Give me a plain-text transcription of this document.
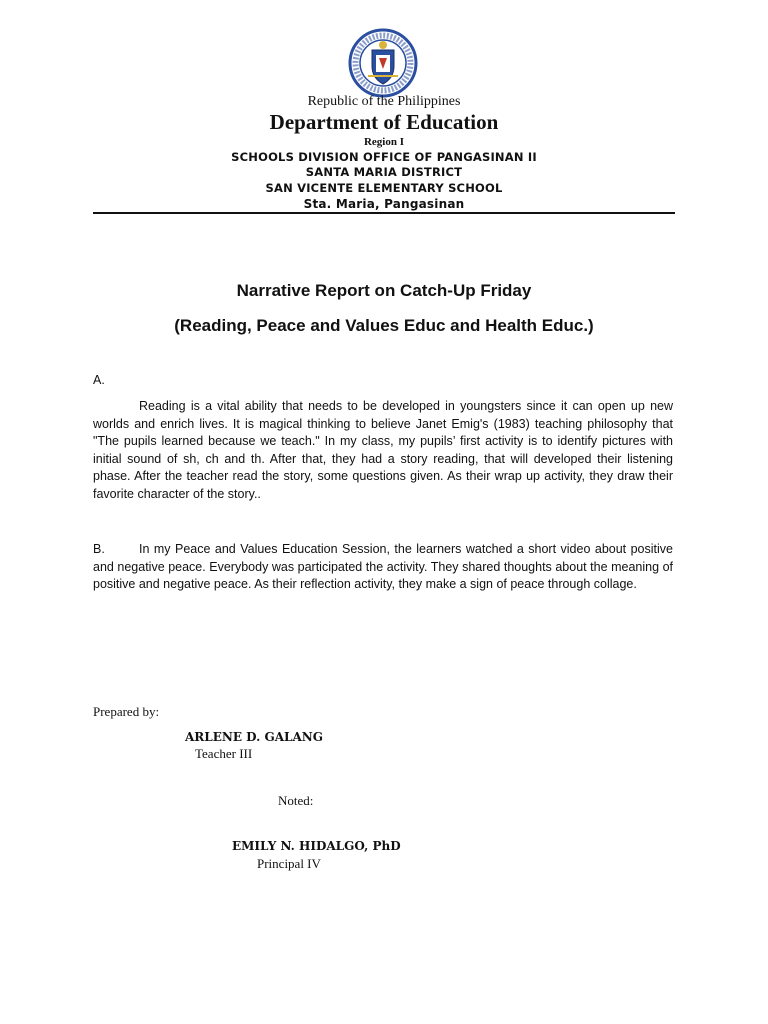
Republic of the Philippines
Department of Education
Region I
SCHOOLS DIVISION OFFICE OF PANGASINAN II
SANTA MARIA DISTRICT
SAN VICENTE ELEMENTARY SCHOOL
Sta. Maria, Pangasinan
Narrative Report on Catch-Up Friday
(Reading, Peace and Values Educ and Health Educ.)
A.

Reading is a vital ability that needs to be developed in youngsters since it can open up new worlds and enrich lives. It is magical thinking to believe Janet Emig's (1983) teaching philosophy that "The pupils learned because we teach." In my class, my pupils’ first activity is to identify pictures with initial sound of sh, ch and th. After that, they had a story reading, that will developed their listening phase. After the teacher read the story, some questions given. As their wrap up activity, they draw their favorite character of the story..

B.	In my Peace and Values Education Session, the learners watched a short video about positive and negative peace. Everybody was participated the activity. They shared thoughts about the meaning of positive and negative peace. As their reflection activity, they make a sign of peace through collage.

Prepared by:
ARLENE D. GALANG
Teacher III
Noted:
EMILY N. HIDALGO, PhD
Principal IV
